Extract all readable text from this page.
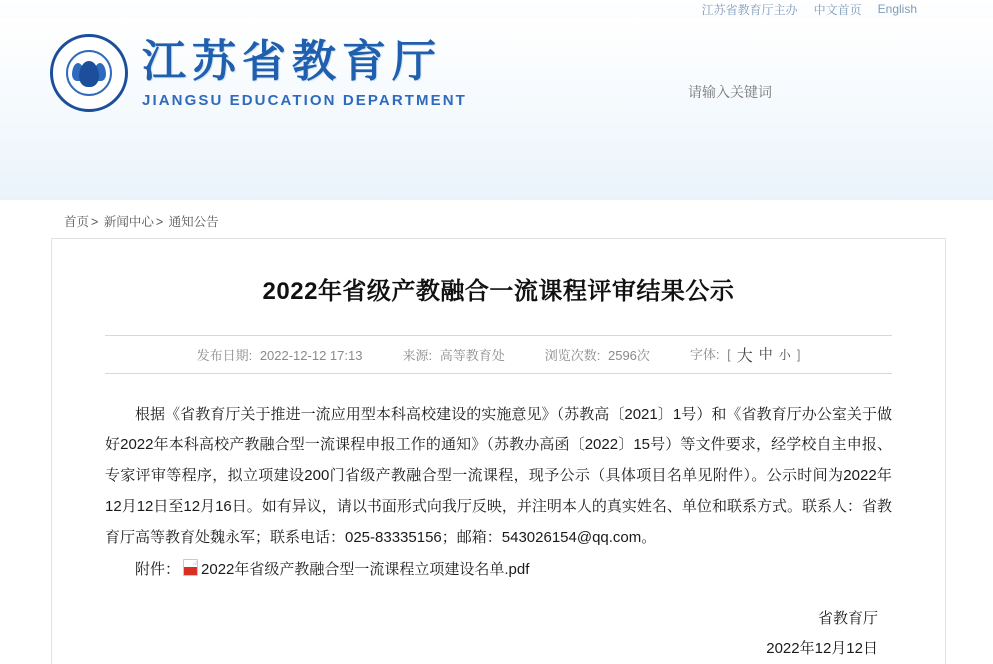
江苏省教育厅主办 中文首页 English
江苏省教育厅
JIANGSU EDUCATION DEPARTMENT
请输入关键词
首页 > 新闻中心 > 通知公告
2022年省级产教融合一流课程评审结果公示
发布日期: 2022-12-12 17:13	来源: 高等教育处	浏览次数: 2596次	字体: [ 大 中 小 ]

根据《省教育厅关于推进一流应用型本科高校建设的实施意见》（苏教高〔2021〕1号）和《省教育厅办公室关于做好2022年本科高校产教融合型一流课程申报工作的通知》（苏教办高函〔2022〕15号）等文件要求，经学校自主申报、专家评审等程序，拟立项建设200门省级产教融合型一流课程，现予公示（具体项目名单见附件）。公示时间为2022年12月12日至12月16日。如有异议，请以书面形式向我厅反映，并注明本人的真实姓名、单位和联系方式。联系人：省教育厅高等教育处魏永军；联系电话：025-83335156；邮箱：543026154@qq.com。

附件： 2022年省级产教融合型一流课程立项建设名单.pdf
省教育厅
2022年12月12日
